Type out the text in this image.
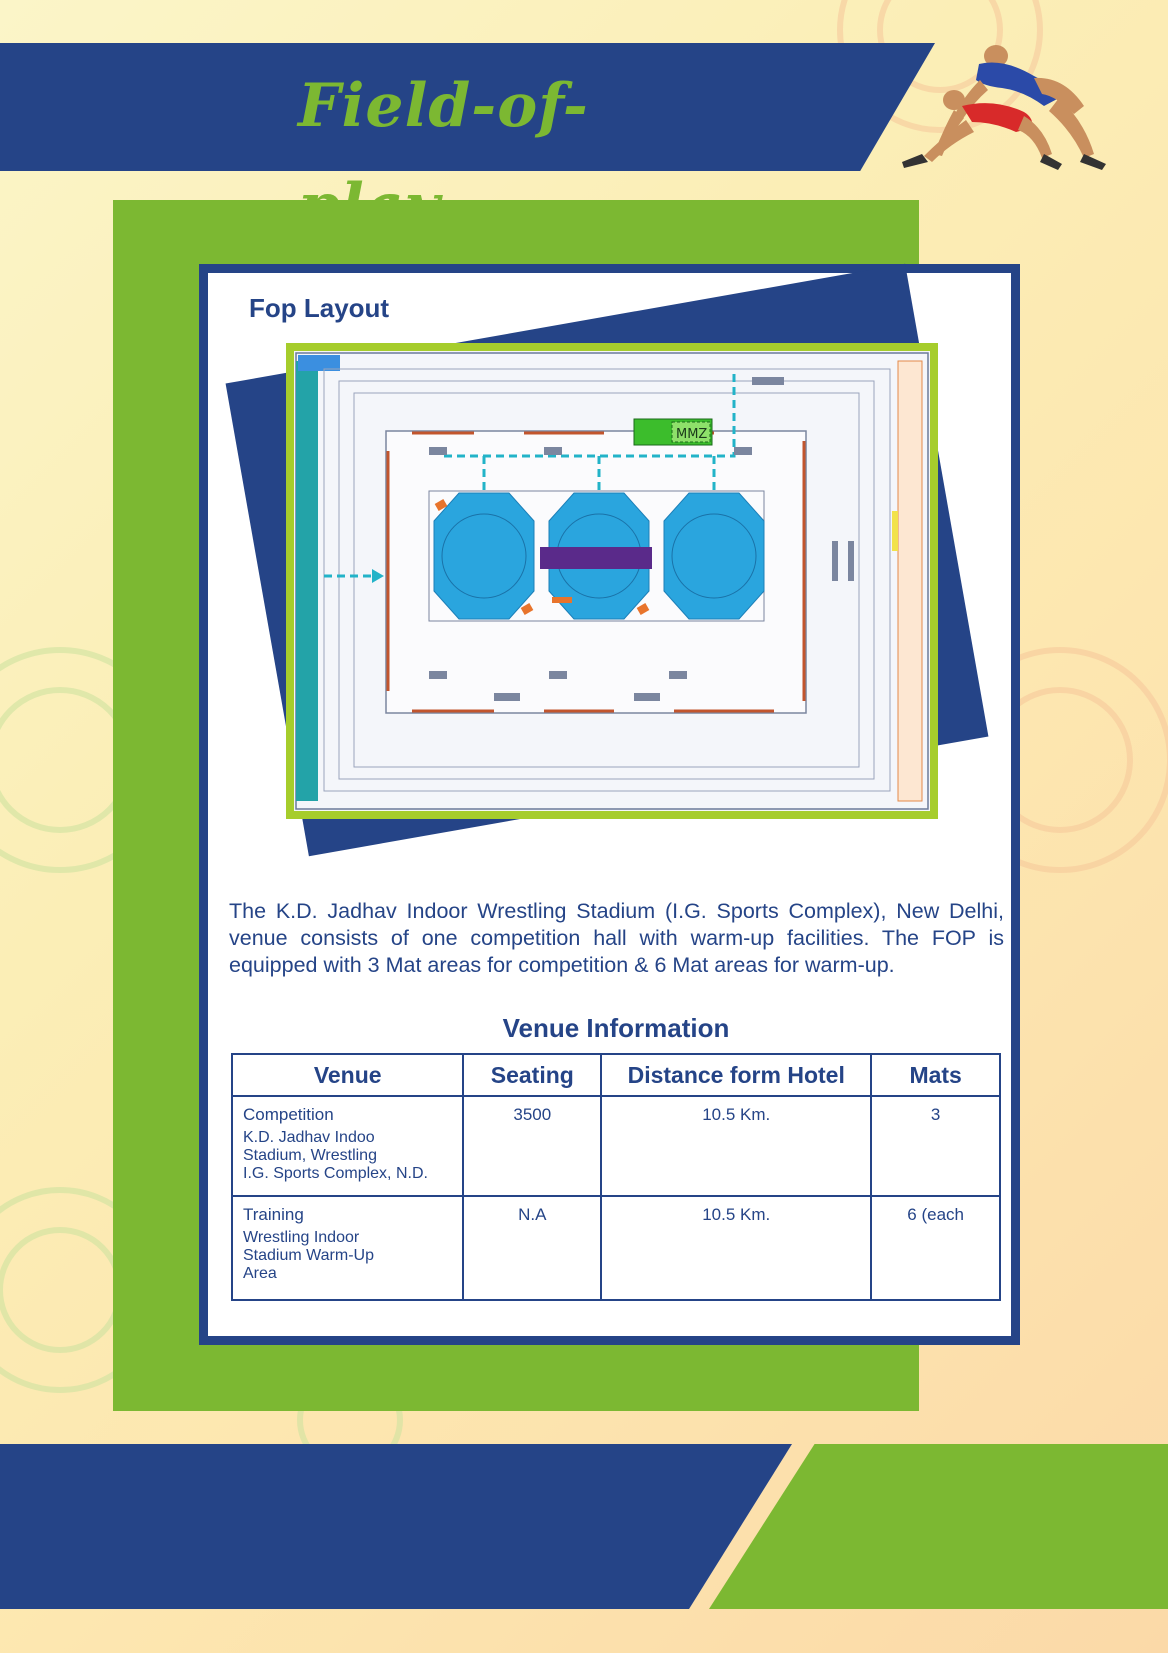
Field-of-
Fop Layout
MMZ
The K.D. Jadhav Indoor Wrestling Stadium (I.G. Sports Complex), New Delhi, venue consists of one competition hall with warm-up facilities. The FOP is equipped with 3 Mat areas for competition & 6 Mat areas for warm-up.
Venue Information
Venue	Seating	Distance form Hotel	Mats

Competition
K.D. Jadhav Indoo
Stadium, Wrestling
I.G. Sports Complex, N.D.	3500	10.5 Km.	3

Training
Wrestling Indoor
Stadium Warm-Up
Area	N.A	10.5 Km.	6 (each
